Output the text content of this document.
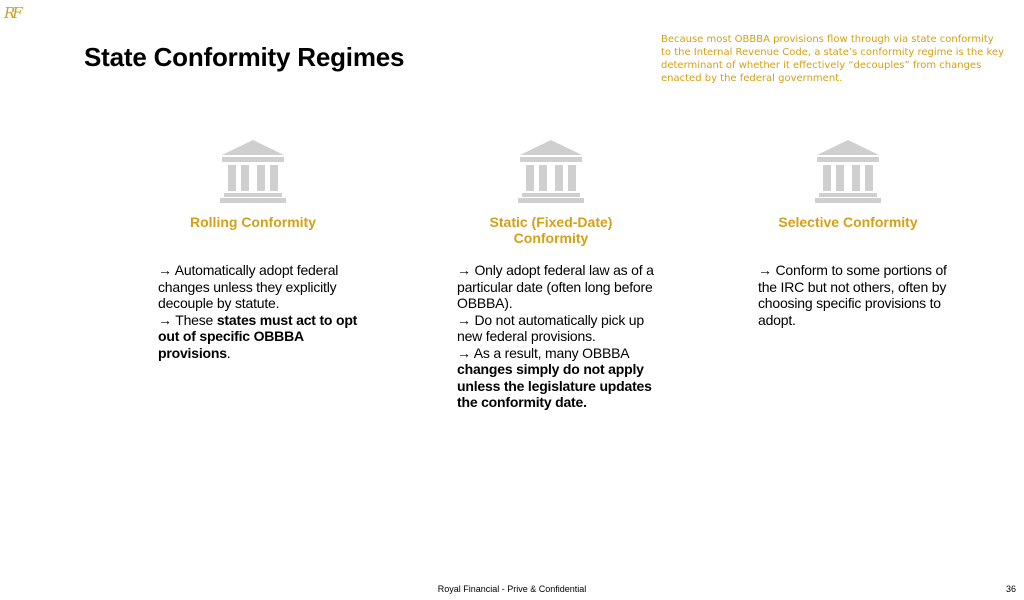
RF
State Conformity Regimes
Because most OBBBA provisions flow through via state conformity to the Internal Revenue Code, a state’s conformity regime is the key determinant of whether it effectively “decouples” from changes enacted by the federal government.
Rolling Conformity

→ Automatically adopt federal changes unless they explicitly decouple by statute.

→ These states must act to opt out of specific OBBBA provisions.

Static (Fixed-Date) Conformity

→ Only adopt federal law as of a particular date (often long before OBBBA).

→ Do not automatically pick up new federal provisions.

→ As a result, many OBBBA changes simply do not apply unless the legislature updates the conformity date.

Selective Conformity

→ Conform to some portions of the IRC but not others, often by choosing specific provisions to adopt.

Royal Financial - Prive & Confidential	36
